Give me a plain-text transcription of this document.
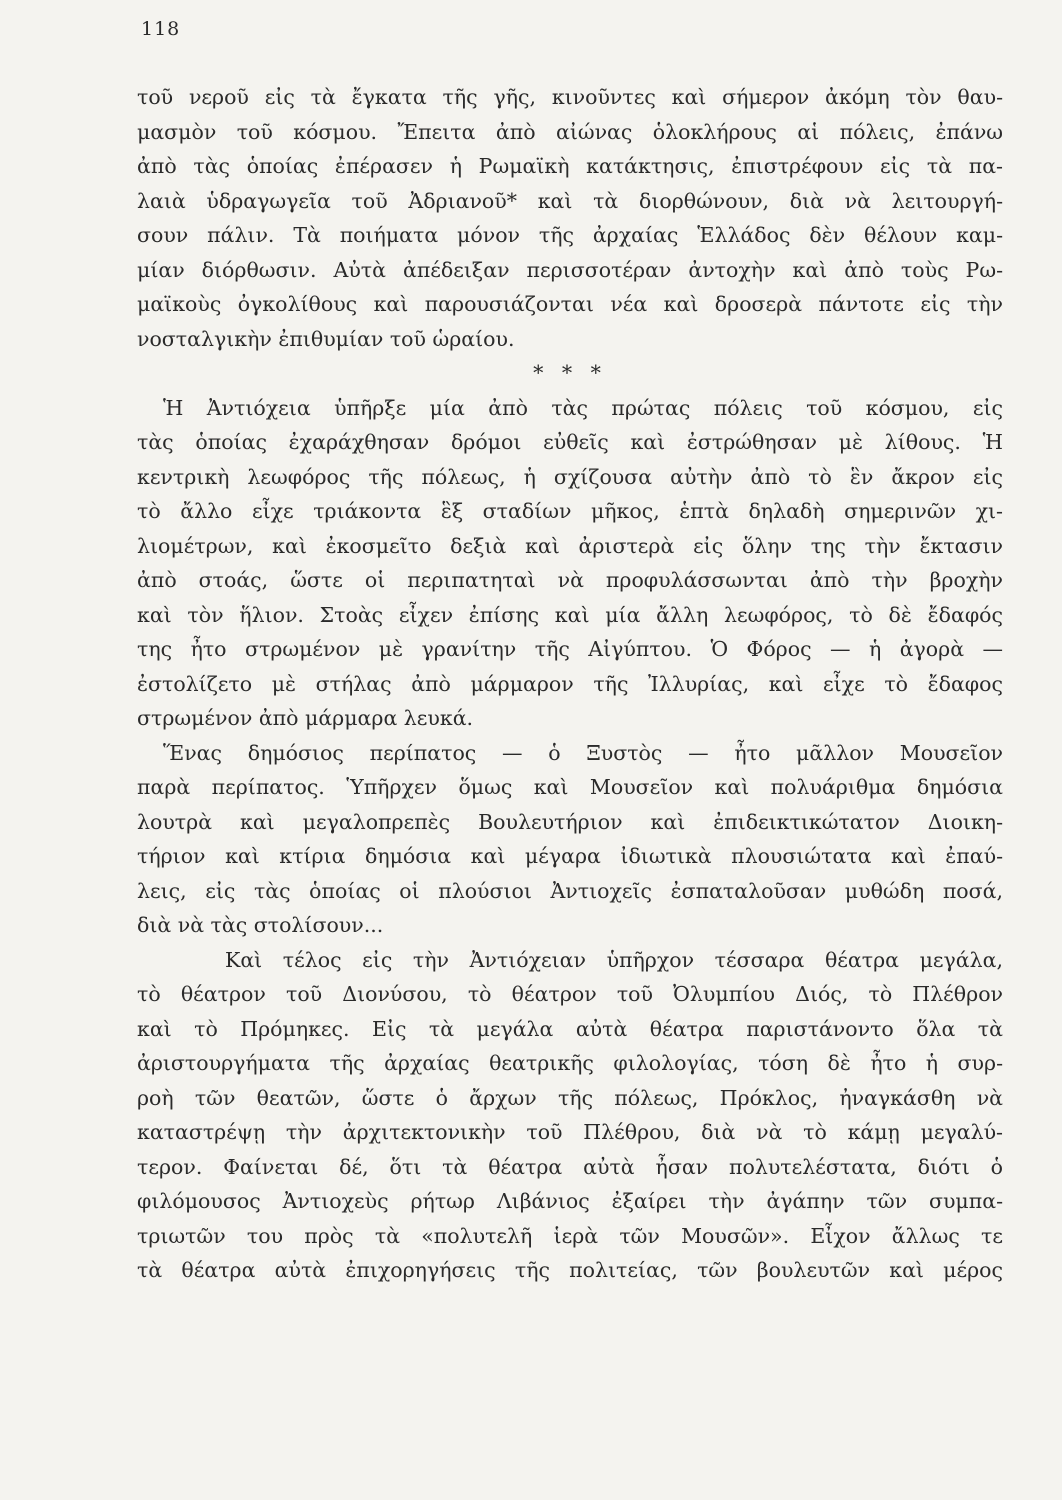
118
τοῦ νεροῦ εἰς τὰ ἔγκατα τῆς γῆς, κινοῦντες καὶ σήμερον ἀκόμη τὸν θαυ-
μασμὸν τοῦ κόσμου. Ἔπειτα ἀπὸ αἰώνας ὁλοκλήρους αἱ πόλεις, ἐπάνω
ἀπὸ τὰς ὁποίας ἐπέρασεν ἡ Ρωμαϊκὴ κατάκτησις, ἐπιστρέφουν εἰς τὰ πα-
λαιὰ ὑδραγωγεῖα τοῦ Ἀδριανοῦ* καὶ τὰ διορθώνουν, διὰ νὰ λειτουργή-
σουν πάλιν. Τὰ ποιήματα μόνον τῆς ἀρχαίας Ἑλλάδος δὲν θέλουν καμ-
μίαν διόρθωσιν. Αὐτὰ ἀπέδειξαν περισσοτέραν ἀντοχὴν καὶ ἀπὸ τοὺς Ρω-
μαϊκοὺς ὀγκολίθους καὶ παρουσιάζονται νέα καὶ δροσερὰ πάντοτε εἰς τὴν
νοσταλγικὴν ἐπιθυμίαν τοῦ ὡραίου.
* * *
Ἡ Ἀντιόχεια ὑπῆρξε μία ἀπὸ τὰς πρώτας πόλεις τοῦ κόσμου, εἰς
τὰς ὁποίας ἐχαράχθησαν δρόμοι εὐθεῖς καὶ ἐστρώθησαν μὲ λίθους. Ἡ
κεντρικὴ λεωφόρος τῆς πόλεως, ἡ σχίζουσα αὐτὴν ἀπὸ τὸ ἓν ἄκρον εἰς
τὸ ἄλλο εἶχε τριάκοντα ἓξ σταδίων μῆκος, ἑπτὰ δηλαδὴ σημερινῶν χι-
λιομέτρων, καὶ ἐκοσμεῖτο δεξιὰ καὶ ἀριστερὰ εἰς ὅλην της τὴν ἔκτασιν
ἀπὸ στοάς, ὥστε οἱ περιπατηταὶ νὰ προφυλάσσωνται ἀπὸ τὴν βροχὴν
καὶ τὸν ἥλιον. Στοὰς εἶχεν ἐπίσης καὶ μία ἄλλη λεωφόρος, τὸ δὲ ἔδαφός
της ἦτο στρωμένον μὲ γρανίτην τῆς Αἰγύπτου. Ὁ Φόρος — ἡ ἀγορὰ —
ἐστολίζετο μὲ στήλας ἀπὸ μάρμαρον τῆς Ἰλλυρίας, καὶ εἶχε τὸ ἔδαφος
στρωμένον ἀπὸ μάρμαρα λευκά.
Ἕνας δημόσιος περίπατος — ὁ Ξυστὸς — ἦτο μᾶλλον Μουσεῖον
παρὰ περίπατος. Ὑπῆρχεν ὅμως καὶ Μουσεῖον καὶ πολυάριθμα δημόσια
λουτρὰ καὶ μεγαλοπρεπὲς Βουλευτήριον καὶ ἐπιδεικτικώτατον Διοικη-
τήριον καὶ κτίρια δημόσια καὶ μέγαρα ἰδιωτικὰ πλουσιώτατα καὶ ἐπαύ-
λεις, εἰς τὰς ὁποίας οἱ πλούσιοι Ἀντιοχεῖς ἐσπαταλοῦσαν μυθώδη ποσά,
διὰ νὰ τὰς στολίσουν...
Καὶ τέλος εἰς τὴν Ἀντιόχειαν ὑπῆρχον τέσσαρα θέατρα μεγάλα,
τὸ θέατρον τοῦ Διονύσου, τὸ θέατρον τοῦ Ὀλυμπίου Διός, τὸ Πλέθρον
καὶ τὸ Πρόμηκες. Εἰς τὰ μεγάλα αὐτὰ θέατρα παριστάνοντο ὅλα τὰ
ἀριστουργήματα τῆς ἀρχαίας θεατρικῆς φιλολογίας, τόση δὲ ἦτο ἡ συρ-
ροὴ τῶν θεατῶν, ὥστε ὁ ἄρχων τῆς πόλεως, Πρόκλος, ἠναγκάσθη νὰ
καταστρέψῃ τὴν ἀρχιτεκτονικὴν τοῦ Πλέθρου, διὰ νὰ τὸ κάμῃ μεγαλύ-
τερον. Φαίνεται δέ, ὅτι τὰ θέατρα αὐτὰ ἦσαν πολυτελέστατα, διότι ὁ
φιλόμουσος Ἀντιοχεὺς ρήτωρ Λιβάνιος ἐξαίρει τὴν ἀγάπην τῶν συμπα-
τριωτῶν του πρὸς τὰ «πολυτελῆ ἱερὰ τῶν Μουσῶν». Εἶχον ἄλλως τε
τὰ θέατρα αὐτὰ ἐπιχορηγήσεις τῆς πολιτείας, τῶν βουλευτῶν καὶ μέρος
